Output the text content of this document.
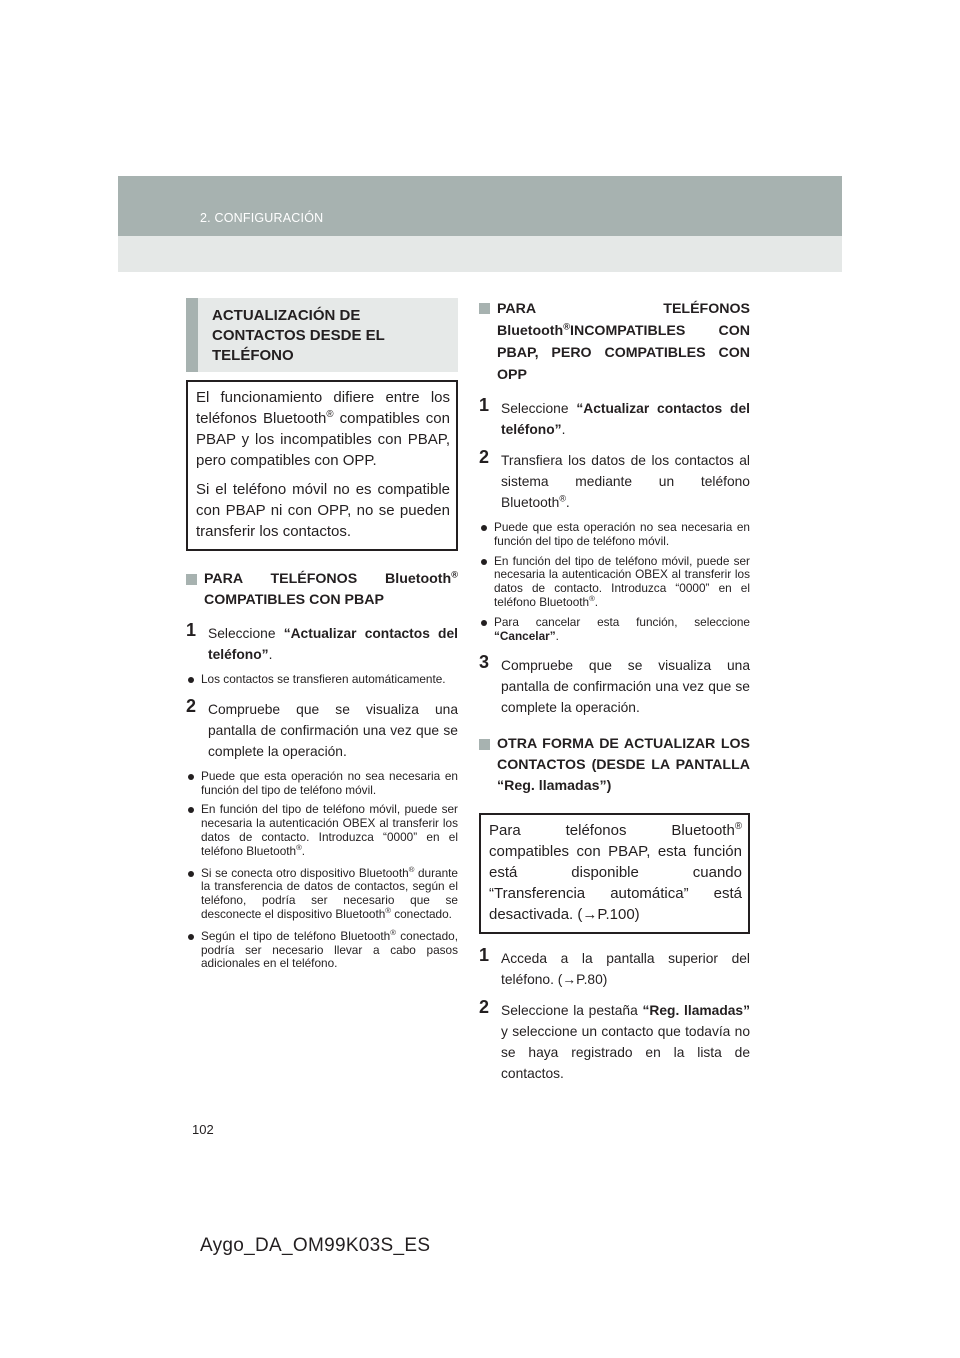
2. CONFIGURACIÓN
ACTUALIZACIÓN DE CONTACTOS DESDE EL TELÉFONO

El funcionamiento difiere entre los teléfonos Bluetooth® compatibles con PBAP y los incompatibles con PBAP, pero compatibles con OPP.

Si el teléfono móvil no es compatible con PBAP ni con OPP, no se pueden transferir los contactos.

PARA TELÉFONOS Bluetooth® COMPATIBLES CON PBAP
1 Seleccione “Actualizar contactos del teléfono”.
Los contactos se transfieren automáticamente.
2 Compruebe que se visualiza una pantalla de confirmación una vez que se complete la operación.
Puede que esta operación no sea necesaria en función del tipo de teléfono móvil.
En función del tipo de teléfono móvil, puede ser necesaria la autenticación OBEX al transferir los datos de contacto. Introduzca “0000” en el teléfono Bluetooth®.
Si se conecta otro dispositivo Bluetooth® durante la transferencia de datos de contactos, según el teléfono, podría ser necesario que se desconecte el dispositivo Bluetooth® conectado.
Según el tipo de teléfono Bluetooth® conectado, podría ser necesario llevar a cabo pasos adicionales en el teléfono.
PARA TELÉFONOS Bluetooth®INCOMPATIBLES CON PBAP, PERO COMPATIBLES CON OPP
1 Seleccione “Actualizar contactos del teléfono”.
2 Transfiera los datos de los contactos al sistema mediante un teléfono Bluetooth®.
Puede que esta operación no sea necesaria en función del tipo de teléfono móvil.
En función del tipo de teléfono móvil, puede ser necesaria la autenticación OBEX al transferir los datos de contacto. Introduzca “0000” en el teléfono Bluetooth®.
Para cancelar esta función, seleccione “Cancelar”.
3 Compruebe que se visualiza una pantalla de confirmación una vez que se complete la operación.
OTRA FORMA DE ACTUALIZAR LOS CONTACTOS (DESDE LA PANTALLA “Reg. llamadas”)
Para teléfonos Bluetooth® compatibles con PBAP, esta función está disponible cuando “Transferencia automática” está desactivada. (→P.100)
1 Acceda a la pantalla superior del teléfono. (→P.80)
2 Seleccione la pestaña “Reg. llamadas” y seleccione un contacto que todavía no se haya registrado en la lista de contactos.
102
Aygo_DA_OM99K03S_ES
